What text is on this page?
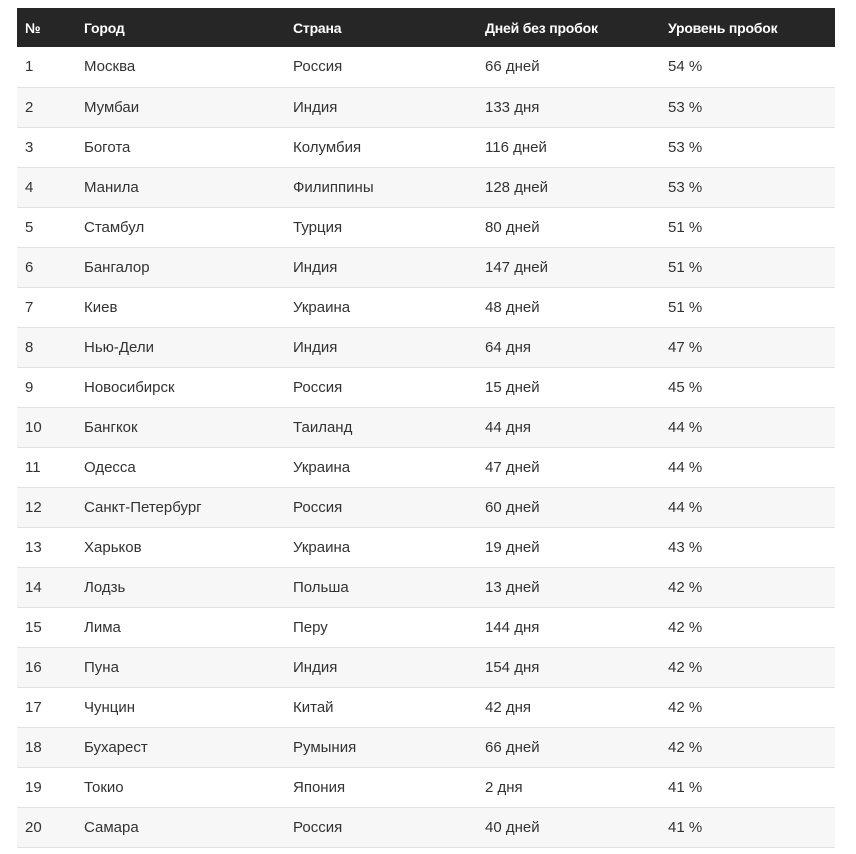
№	Город	Страна	Дней без пробок	Уровень пробок
1	Москва	Россия	66 дней	54 %
2	Мумбаи	Индия	133 дня	53 %
3	Богота	Колумбия	116 дней	53 %
4	Манила	Филиппины	128 дней	53 %
5	Стамбул	Турция	80 дней	51 %
6	Бангалор	Индия	147 дней	51 %
7	Киев	Украина	48 дней	51 %
8	Нью-Дели	Индия	64 дня	47 %
9	Новосибирск	Россия	15 дней	45 %
10	Бангкок	Таиланд	44 дня	44 %
11	Одесса	Украина	47 дней	44 %
12	Санкт-Петербург	Россия	60 дней	44 %
13	Харьков	Украина	19 дней	43 %
14	Лодзь	Польша	13 дней	42 %
15	Лима	Перу	144 дня	42 %
16	Пуна	Индия	154 дня	42 %
17	Чунцин	Китай	42 дня	42 %
18	Бухарест	Румыния	66 дней	42 %
19	Токио	Япония	2 дня	41 %
20	Самара	Россия	40 дней	41 %
